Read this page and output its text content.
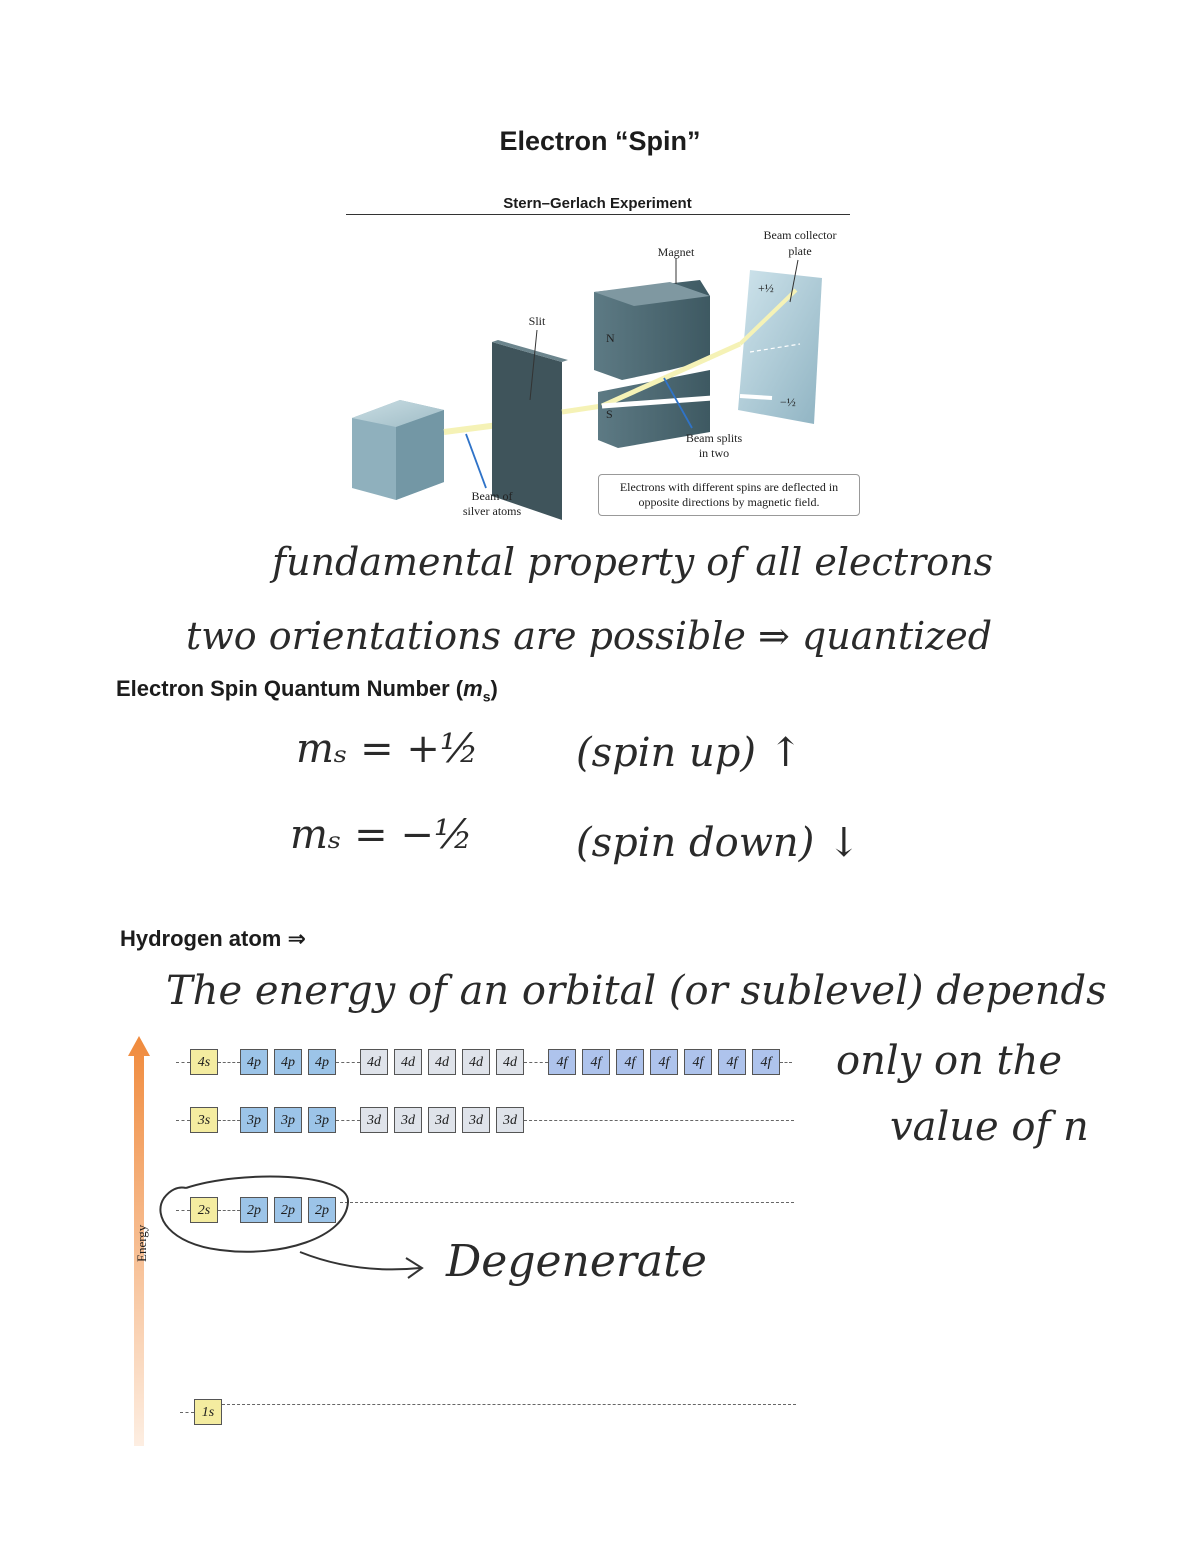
Electron “Spin”
Stern–Gerlach Experiment
N
S
+½
−½
Magnet
Beam collector
plate
Slit
Beam splits
in two
Beam of
silver atoms
Electrons with different spins are deflected in opposite directions by magnetic field.
fundamental property of all electrons
two orientations are possible ⇒ quantized
Electron Spin Quantum Number $(m_s)$
mₛ = +½ (spin up) ↑
mₛ = −½	(spin down) ↓
Hydrogen atom ⇒
The energy of an orbital (or sublevel) depends
only on the
value of n
Energy
4s	4p	4p	4p	4d	4d	4d	4d	4d	4f	4f	4f	4f	4f	4f	4f
3s	3p	3p	3p	3d	3d	3d	3d	3d
2s	2p	2p	2p
1s
Degenerate
